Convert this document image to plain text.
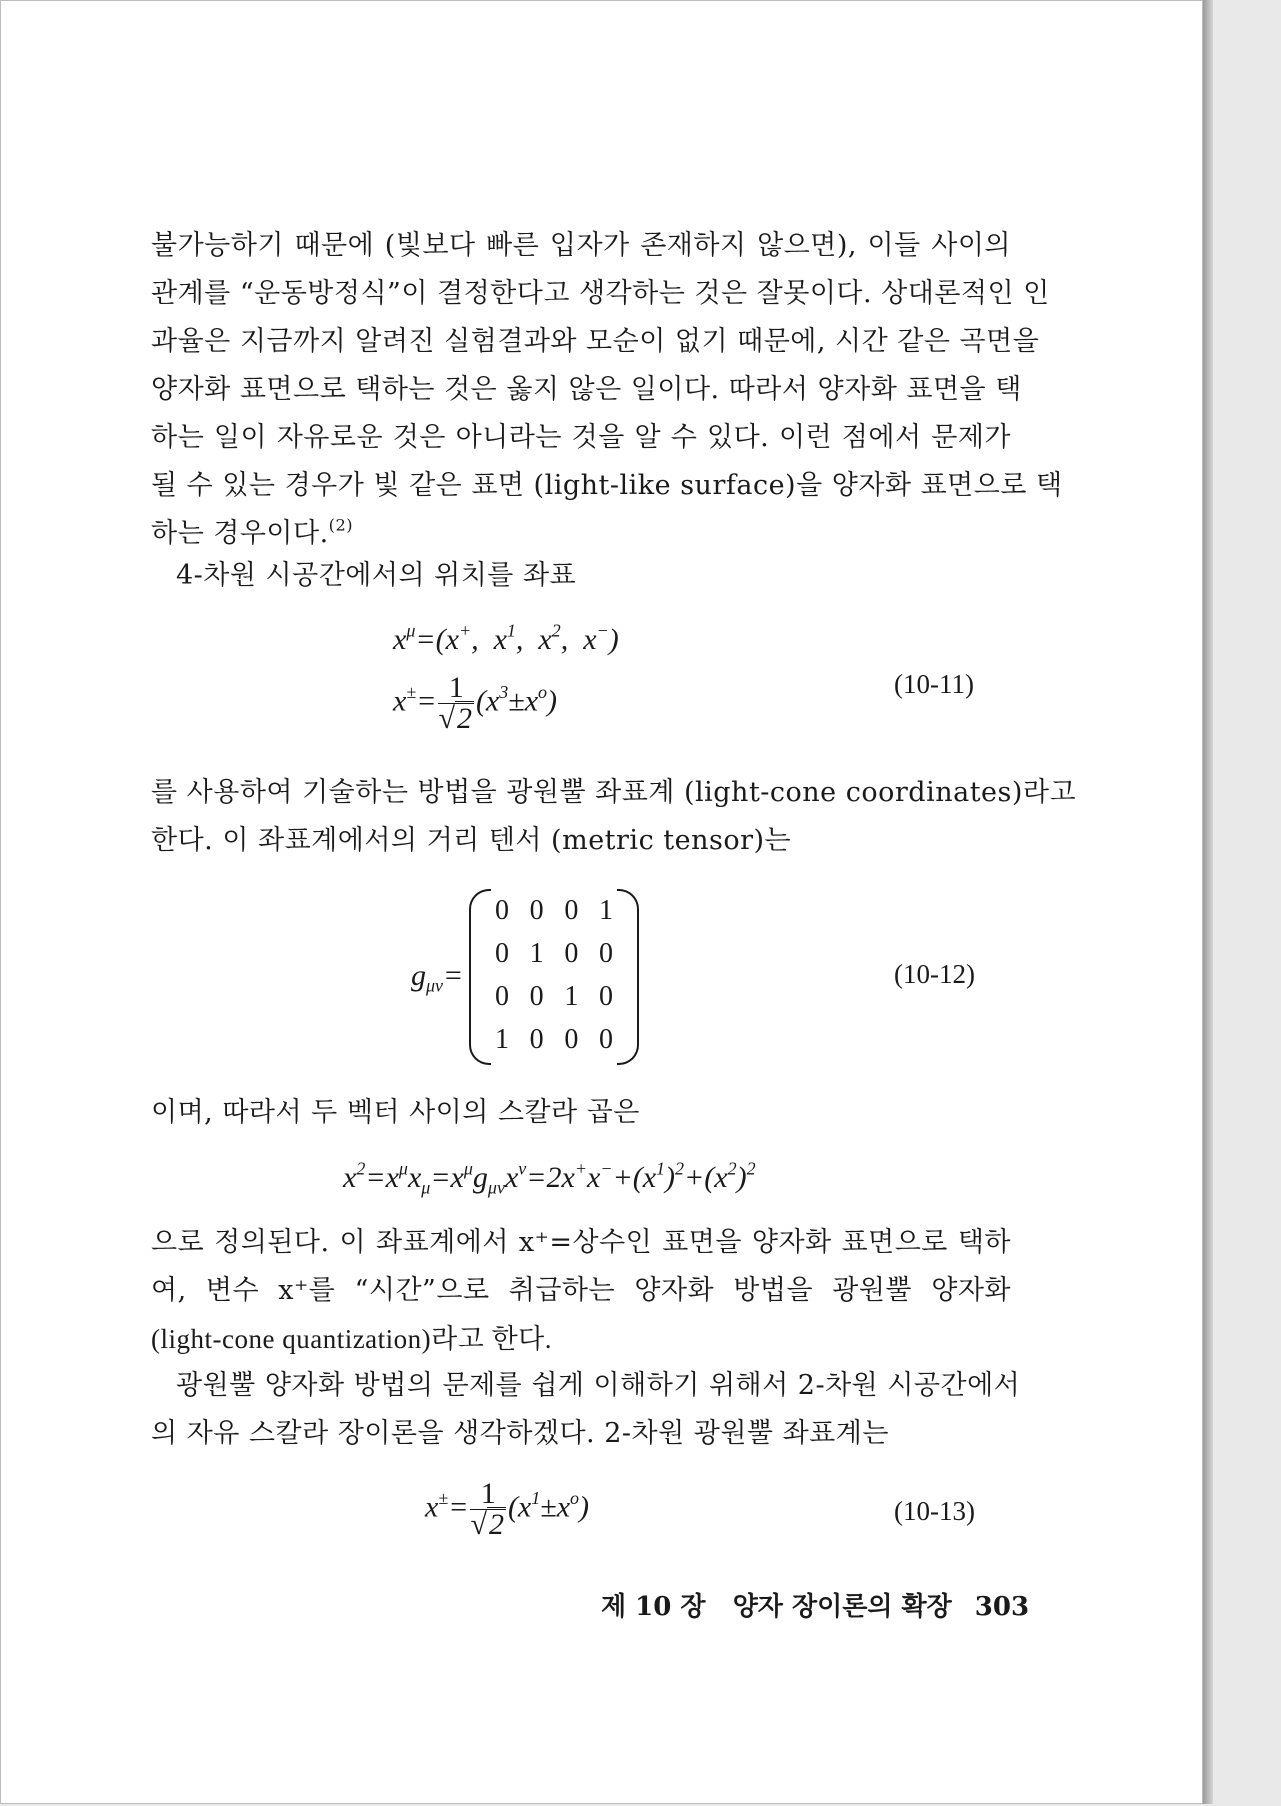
불가능하기 때문에 (빛보다 빠른 입자가 존재하지 않으면), 이들 사이의
관계를 “운동방정식”이 결정한다고 생각하는 것은 잘못이다. 상대론적인 인
과율은 지금까지 알려진 실험결과와 모순이 없기 때문에, 시간 같은 곡면을
양자화 표면으로 택하는 것은 옳지 않은 일이다. 따라서 양자화 표면을 택
하는 일이 자유로운 것은 아니라는 것을 알 수 있다. 이런 점에서 문제가
될 수 있는 경우가 빛 같은 표면 (light-like surface)을 양자화 표면으로 택
하는 경우이다.$^{(2)}$
4-차원 시공간에서의 위치를 좌표
$x^\mu=(x^+$,  $x^1$,  $x^2$,  x−)
$x^\pm= \frac{1}{√2} (x^3\pm x^o)$
(10-11)
를 사용하여 기술하는 방법을 광원뿔 좌표계 (light-cone coordinates)라고
한다. 이 좌표계에서의 거리 텐서 (metric tensor)는
$g_{\mu\nu}=$
0 0 0 1
0 1 0 0
0 0 1 0
1 0 0 0
(10-12)
이며, 따라서 두 벡터 사이의 스칼라 곱은
$x^2=x^\mu x_\mu=x^\mu g_{\mu\nu}x^\nu=2x^+x^-+(x^1)^2+(x^2)^2$
으로 정의된다. 이 좌표계에서 x⁺=상수인 표면을 양자화 표면으로 택하
여, 변수 x⁺를 “시간”으로 취급하는 양자화 방법을 광원뿔 양자화
(light-cone quantization)라고 한다.
광원뿔 양자화 방법의 문제를 쉽게 이해하기 위해서 2-차원 시공간에서
의 자유 스칼라 장이론을 생각하겠다. 2-차원 광원뿔 좌표계는
$x^\pm= \frac{1}{√2} (x^1\pm x^o)$	(10-13)
제 10 장 양자 장이론의 확장 303
